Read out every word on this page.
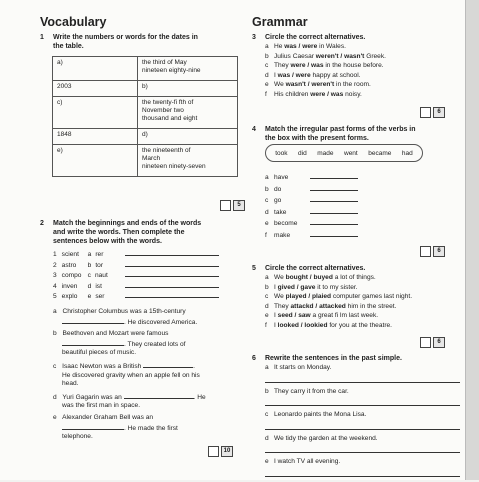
Vocabulary
1 Write the numbers or words for the dates in
the table.
a)	the third of May
nineteen eighty-nine
2003	b)
c)	the twenty-fi fth of
November two
thousand and eight
1848	d)
e)	the nineteenth of
March
nineteen ninety-seven
5
2 Match the beginnings and ends of the words
and write the words. Then complete the
sentences below with the words.
1 scient a rer
2 astro b tor
3 compo c naut
4 inven d ist
5 explo e ser
a Christopher Columbus was a 15th-century
. He discovered America.
b Beethoven and Mozart were famous
. They created lots of
beautiful pieces of music.
c Isaac Newton was a British	.
He discovered gravity when an apple fell on his
head.
d Yuri Gagarin was an	. He
was the first man in space.
e Alexander Graham Bell was an
. He made the first
telephone.
10
Grammar
3 Circle the correct alternatives.
a He was / were in Wales.
b Julius Caesar weren't / wasn't Greek.
c They were / was in the house before.
d I was / were happy at school.
e We wasn't / weren't in the room.
f His children were / was noisy.
6
4 Match the irregular past forms of the verbs in
the box with the present forms.
took did made went became had
a have
b do
c go
d take
e become
f make
6
5 Circle the correct alternatives.
a We bought / buyed a lot of things.
b I gived / gave it to my sister.
c We played / plaied computer games last night.
d They attackd / attacked him in the street.
e I seed / saw a great fi lm last week.
f I looked / lookied for you at the theatre.
6
6 Rewrite the sentences in the past simple.
a It starts on Monday.
b They carry it from the car.
c Leonardo paints the Mona Lisa.
d We tidy the garden at the weekend.
e I watch TV all evening.
